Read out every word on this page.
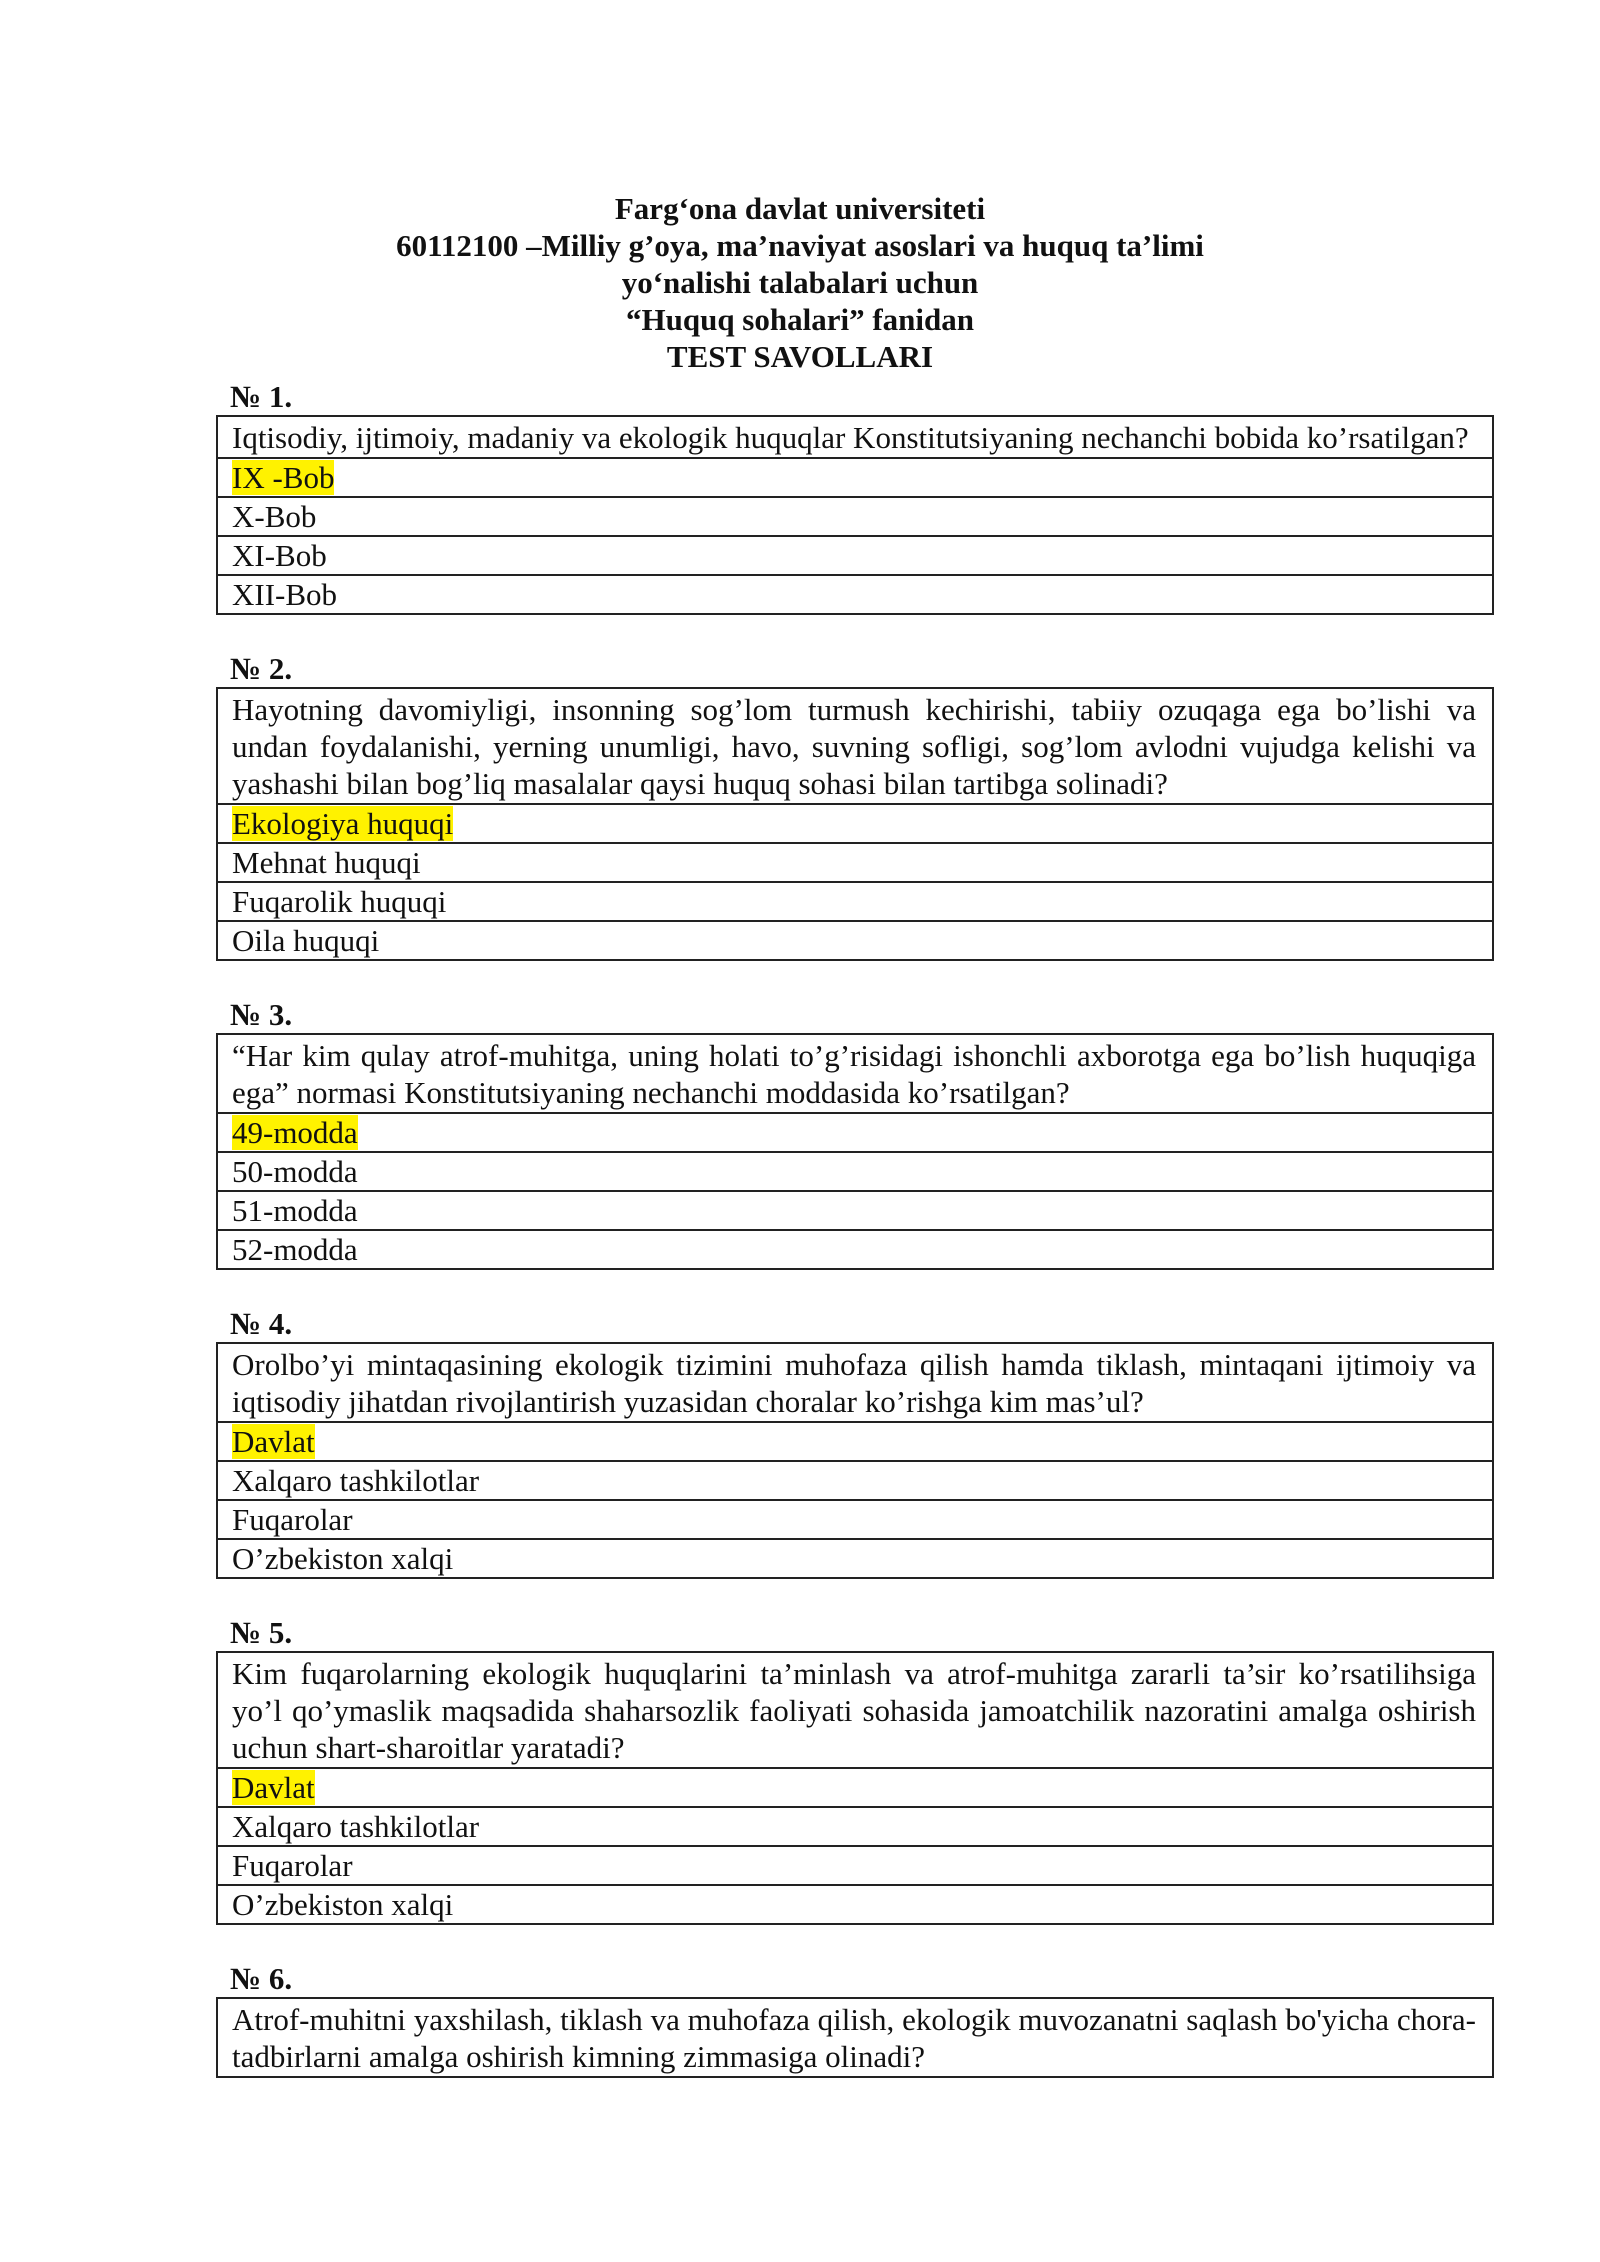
Farg‘ona davlat universiteti
60112100 –Milliy g’oya, ma’naviyat asoslari va huquq ta’limi
yo‘nalishi talabalari uchun
“Huquq sohalari” fanidan
TEST SAVOLLARI
№ 1.
Iqtisodiy, ijtimoiy, madaniy va ekologik huquqlar Konstitutsiyaning nechanchi bobida ko’rsatilgan?
IX -Bob
X-Bob
XI-Bob
XII-Bob
№ 2.
Hayotning davomiyligi, insonning sog’lom turmush kechirishi, tabiiy ozuqaga ega bo’lishi va undan foydalanishi, yerning unumligi, havo, suvning sofligi, sog’lom avlodni vujudga kelishi va yashashi bilan bog’liq masalalar qaysi huquq sohasi bilan tartibga solinadi?
Ekologiya huquqi
Mehnat huquqi
Fuqarolik huquqi
Oila huquqi
№ 3.
“Har kim qulay atrof-muhitga, uning holati to’g’risidagi ishonchli axborotga ega bo’lish huquqiga ega” normasi Konstitutsiyaning nechanchi moddasida ko’rsatilgan?
49-modda
50-modda
51-modda
52-modda
№ 4.
Orolbo’yi mintaqasining ekologik tizimini muhofaza qilish hamda tiklash, mintaqani ijtimoiy va iqtisodiy jihatdan rivojlantirish yuzasidan choralar ko’rishga kim mas’ul?
Davlat
Xalqaro tashkilotlar
Fuqarolar
O’zbekiston xalqi
№ 5.
Kim fuqarolarning ekologik huquqlarini ta’minlash va atrof-muhitga zararli ta’sir ko’rsatilihsiga yo’l qo’ymaslik maqsadida shaharsozlik faoliyati sohasida jamoatchilik nazoratini amalga oshirish uchun shart-sharoitlar yaratadi?
Davlat
Xalqaro tashkilotlar
Fuqarolar
O’zbekiston xalqi
№ 6.
Atrof-muhitni yaxshilash, tiklash va muhofaza qilish, ekologik muvozanatni saqlash bo'yicha chora-tadbirlarni amalga oshirish kimning zimmasiga olinadi?
